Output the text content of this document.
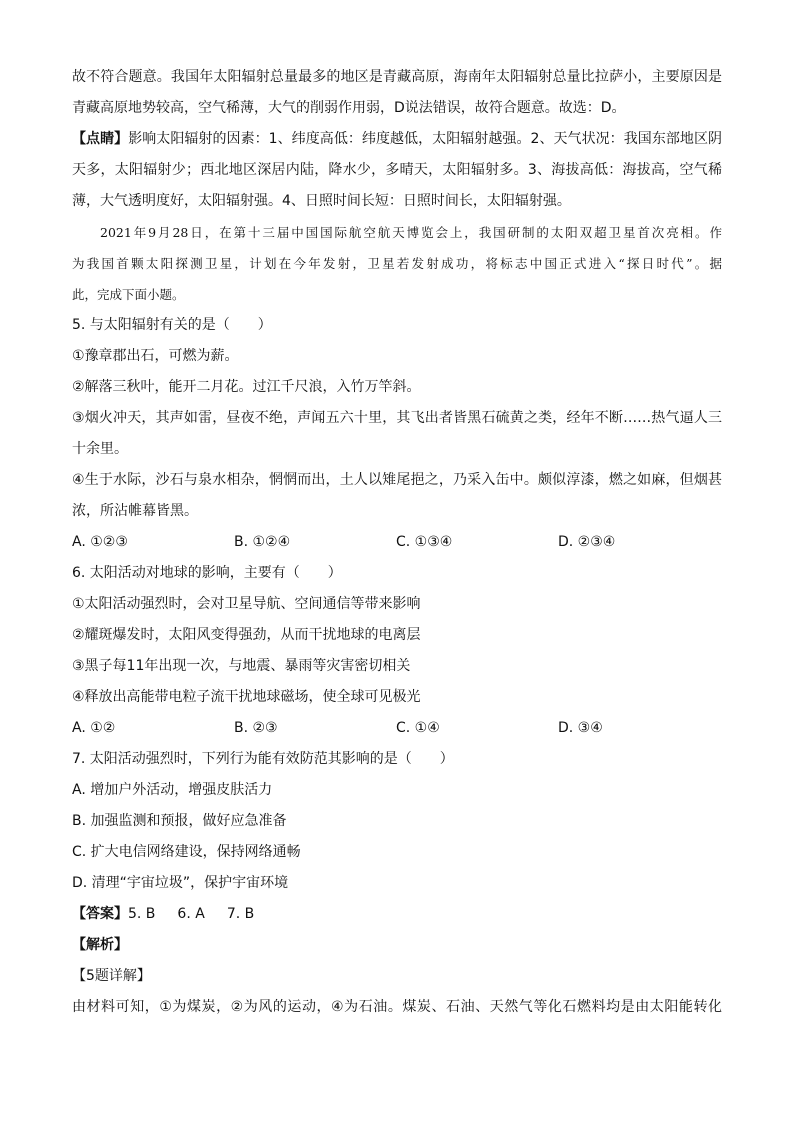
故不符合题意。我国年太阳辐射总量最多的地区是青藏高原，海南年太阳辐射总量比拉萨小，主要原因是
青藏高原地势较高，空气稀薄，大气的削弱作用弱，D说法错误，故符合题意。故选：D。
【点睛】影响太阳辐射的因素：1、纬度高低：纬度越低，太阳辐射越强。2、天气状况：我国东部地区阴
天多，太阳辐射少；西北地区深居内陆，降水少，多晴天，太阳辐射多。3、海拔高低：海拔高，空气稀
薄，大气透明度好，太阳辐射强。4、日照时间长短：日照时间长，太阳辐射强。
2021年9月28日，在第十三届中国国际航空航天博览会上，我国研制的太阳双超卫星首次亮相。作
为我国首颗太阳探测卫星，计划在今年发射，卫星若发射成功，将标志中国正式进入“探日时代”。据
此，完成下面小题。
5. 与太阳辐射有关的是（　　）
①豫章郡出石，可燃为薪。
②解落三秋叶，能开二月花。过江千尺浪，入竹万竿斜。
③烟火冲天，其声如雷，昼夜不绝，声闻五六十里，其飞出者皆黑石硫黄之类，经年不断……热气逼人三
十余里。
④生于水际，沙石与泉水相杂，惘惘而出，土人以雉尾挹之，乃采入缶中。颇似淳漆，燃之如麻，但烟甚
浓，所沾帷幕皆黑。
A. ①②③	B. ①②④	C. ①③④	D. ②③④
6. 太阳活动对地球的影响，主要有（　　）
①太阳活动强烈时，会对卫星导航、空间通信等带来影响
②耀斑爆发时，太阳风变得强劲，从而干扰地球的电离层
③黑子每11年出现一次，与地震、暴雨等灾害密切相关
④释放出高能带电粒子流干扰地球磁场，使全球可见极光
A. ①②	B. ②③	C. ①④	D. ③④
7. 太阳活动强烈时，下列行为能有效防范其影响的是（　　）
A. 增加户外活动，增强皮肤活力
B. 加强监测和预报，做好应急准备
C. 扩大电信网络建设，保持网络通畅
D. 清理“宇宙垃圾”，保护宇宙环境
【答案】 5. B 6. A 7. B
【解析】
【5题详解】
由材料可知，①为煤炭，②为风的运动，④为石油。煤炭、石油、天然气等化石燃料均是由太阳能转化
